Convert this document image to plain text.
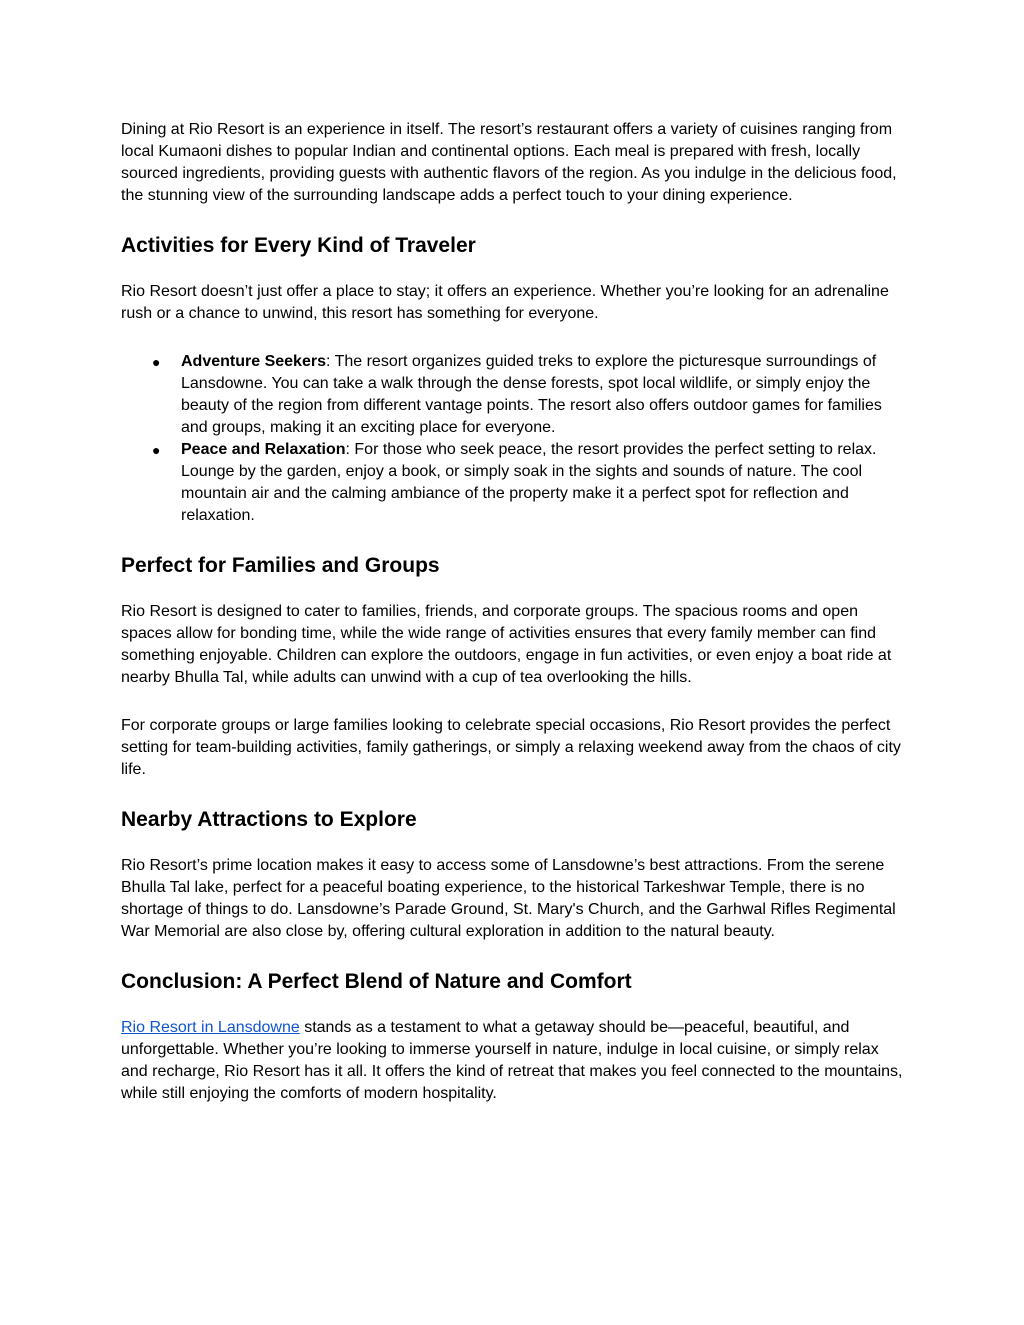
Dining at Rio Resort is an experience in itself. The resort’s restaurant offers a variety of cuisines ranging from local Kumaoni dishes to popular Indian and continental options. Each meal is prepared with fresh, locally sourced ingredients, providing guests with authentic flavors of the region. As you indulge in the delicious food, the stunning view of the surrounding landscape adds a perfect touch to your dining experience.

Activities for Every Kind of Traveler

Rio Resort doesn’t just offer a place to stay; it offers an experience. Whether you’re looking for an adrenaline rush or a chance to unwind, this resort has something for everyone.

● Adventure Seekers: The resort organizes guided treks to explore the picturesque surroundings of Lansdowne. You can take a walk through the dense forests, spot local wildlife, or simply enjoy the beauty of the region from different vantage points. The resort also offers outdoor games for families and groups, making it an exciting place for everyone.
● Peace and Relaxation: For those who seek peace, the resort provides the perfect setting to relax. Lounge by the garden, enjoy a book, or simply soak in the sights and sounds of nature. The cool mountain air and the calming ambiance of the property make it a perfect spot for reflection and relaxation.
Perfect for Families and Groups

Rio Resort is designed to cater to families, friends, and corporate groups. The spacious rooms and open spaces allow for bonding time, while the wide range of activities ensures that every family member can find something enjoyable. Children can explore the outdoors, engage in fun activities, or even enjoy a boat ride at nearby Bhulla Tal, while adults can unwind with a cup of tea overlooking the hills.

For corporate groups or large families looking to celebrate special occasions, Rio Resort provides the perfect setting for team-building activities, family gatherings, or simply a relaxing weekend away from the chaos of city life.

Nearby Attractions to Explore

Rio Resort’s prime location makes it easy to access some of Lansdowne’s best attractions. From the serene Bhulla Tal lake, perfect for a peaceful boating experience, to the historical Tarkeshwar Temple, there is no shortage of things to do. Lansdowne’s Parade Ground, St. Mary's Church, and the Garhwal Rifles Regimental War Memorial are also close by, offering cultural exploration in addition to the natural beauty.

Conclusion: A Perfect Blend of Nature and Comfort

Rio Resort in Lansdowne stands as a testament to what a getaway should be—peaceful, beautiful, and unforgettable. Whether you’re looking to immerse yourself in nature, indulge in local cuisine, or simply relax and recharge, Rio Resort has it all. It offers the kind of retreat that makes you feel connected to the mountains, while still enjoying the comforts of modern hospitality.
